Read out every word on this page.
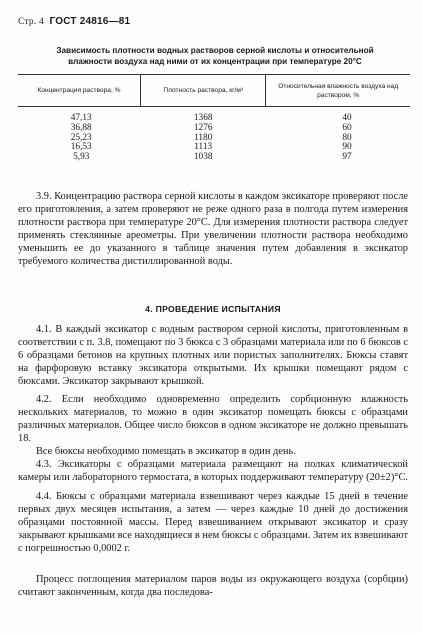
Стр. 4 ГОСТ 24816—81
Зависимость плотности водных растворов серной кислоты и относительной
влажности воздуха над ними от их концентрации при температуре 20°С
Концентрация раствора, %	Плотность раствора, кг/м³	Относительная влажность воздуха над раствором, %
47,13	1368	40
36,88	1276	60
25,23	1180	80
16,53	1113	90
5,93	1038	97

3.9. Концентрацию раствора серной кислоты в каждом эксикаторе проверяют после его приготовления, а затем проверяют не реже одного раза в полгода путем измерения плотности раствора при температуре 20°С. Для измерения плотности раствора следует применять стеклянные ареометры. При увеличении плотности раствора необходимо уменьшить ее до указанного в таблице значения путем добавления в эксикатор требуемого количества дистиллированной воды.

4. ПРОВЕДЕНИЕ ИСПЫТАНИЯ

4.1. В каждый эксикатор с водным раствором серной кислоты, приготовленным в соответствии с п. 3.8, помещают по 3 бюкса с 3 образцами материала или по 6 бюксов с 6 образцами бетонов на крупных плотных или пористых заполнителях. Бюксы ставят на фарфоровую вставку эксикатора открытыми. Их крышки помещают рядом с бюксами. Эксикатор закрывают крышкой.

4.2. Если необходимо одновременно определить сорбционную влажность нескольких материалов, то можно в один эксикатор помещать бюксы с образцами различных материалов. Общее число бюксов в одном эксикаторе не должно превышать 18.

Все бюксы необходимо помещать в эксикатор в один день.

4.3. Эксикаторы с образцами материала размещают на полках климатической камеры или лабораторного термостата, в которых поддерживают температуру (20±2)°С.

4.4. Бюксы с образцами материала взвешивают через каждые 15 дней в течение первых двух месяцев испытания, а затем — через каждые 10 дней до достижения образцами постоянной массы. Перед взвешиванием открывают эксикатор и сразу закрывают крышками все находящиеся в нем бюксы с образцами. Затем их взвешивают с погрешностью 0,0002 г.

Процесс поглощения материалом паров воды из окружающего воздуха (сорбции) считают законченным, когда два последова-
